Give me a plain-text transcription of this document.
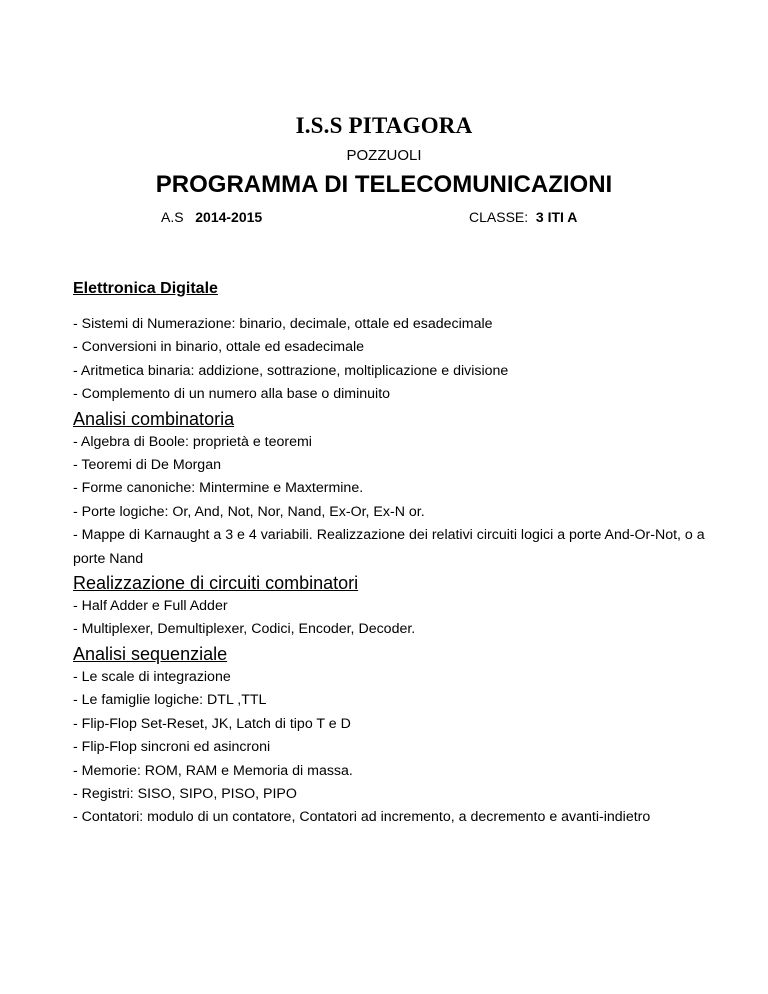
I.S.S PITAGORA
POZZUOLI
PROGRAMMA DI TELECOMUNICAZIONI
A.S 2014-2015	CLASSE: 3 ITI A
Elettronica Digitale

- Sistemi di Numerazione: binario, decimale, ottale ed esadecimale

- Conversioni in binario, ottale ed esadecimale

- Aritmetica binaria: addizione, sottrazione, moltiplicazione e divisione

- Complemento di un numero alla base o diminuito

Analisi combinatoria

- Algebra di Boole: proprietà e teoremi

- Teoremi di De Morgan

- Forme canoniche: Mintermine e Maxtermine.

- Porte logiche: Or, And, Not, Nor, Nand, Ex-Or, Ex-N or.

- Mappe di Karnaught a 3 e 4 variabili. Realizzazione dei relativi circuiti logici a porte And-Or-Not, o a porte Nand

Realizzazione di circuiti combinatori

- Half Adder e Full Adder

- Multiplexer, Demultiplexer, Codici, Encoder, Decoder.

Analisi sequenziale

- Le scale di integrazione

- Le famiglie logiche: DTL ,TTL

- Flip-Flop Set-Reset, JK, Latch di tipo T e D

- Flip-Flop sincroni ed asincroni

- Memorie: ROM, RAM e Memoria di massa.

- Registri: SISO, SIPO, PISO, PIPO

- Contatori: modulo di un contatore, Contatori ad incremento, a decremento e avanti-indietro
